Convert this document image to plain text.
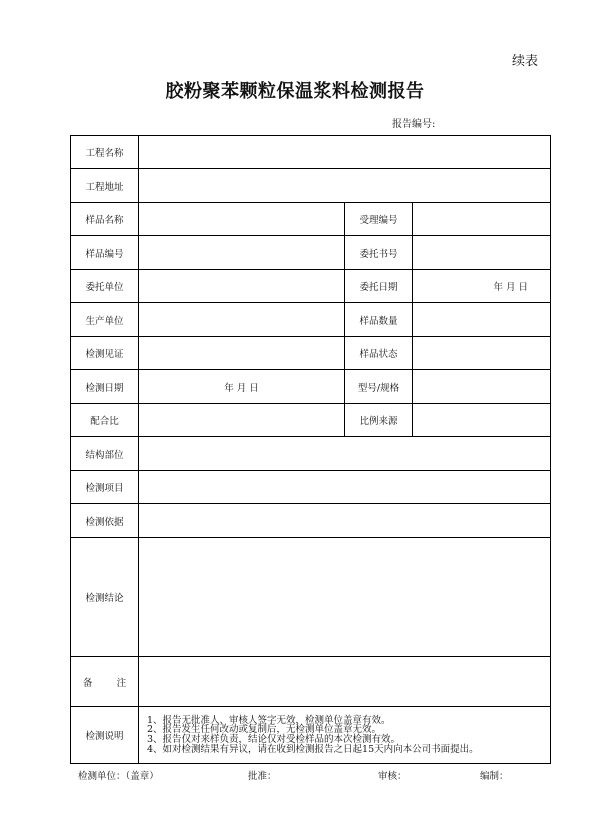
续表
胶粉聚苯颗粒保温浆料检测报告
报告编号:
工程名称			
工程地址			
样品名称		受理编号	
样品编号		委托书号	
委托单位		委托日期	年 月 日
生产单位		样品数量	
检测见证		样品状态	
检测日期	年 月 日	型号/规格	
配合比		比例来源	
结构部位			
检测项目			
检测依据			
检测结论			
备        注			
检测说明	1、报告无批准人、审核人签字无效，检测单位盖章有效。
2、报告发生任何改动或复制后，无检测单位盖章无效。
3、报告仅对来样负责，结论仅对受检样品的本次检测有效。
4、如对检测结果有异议，请在收到检测报告之日起15天内向本公司书面提出。		
检测单位：（盖章）	批准：	审核：	编制：
